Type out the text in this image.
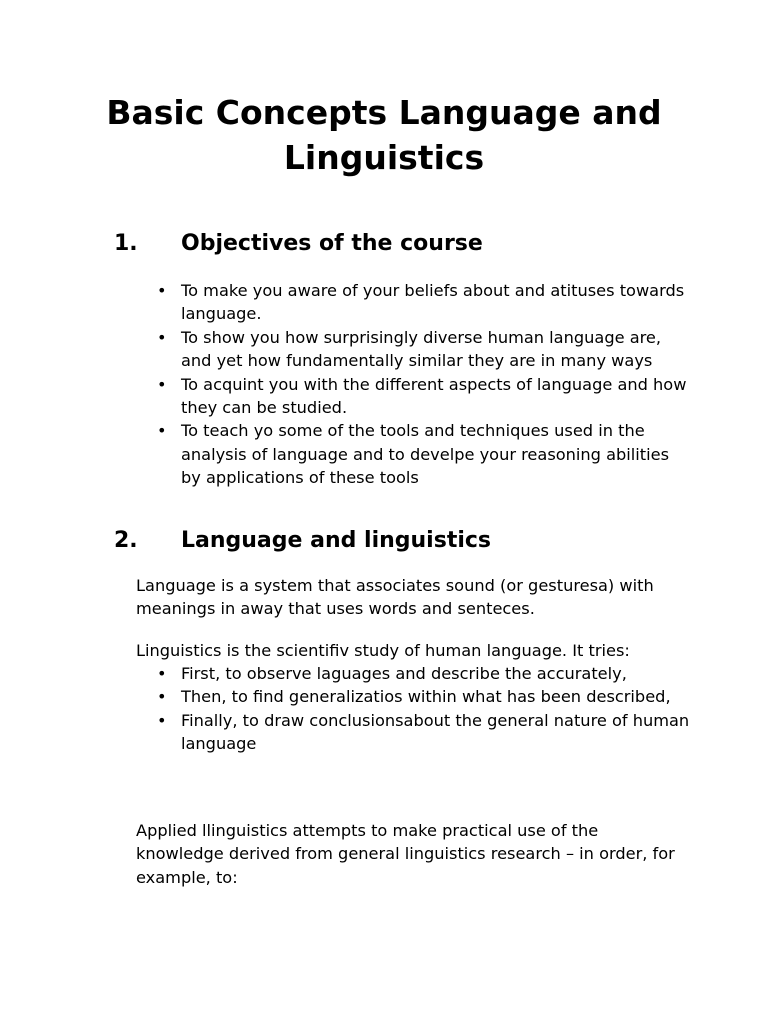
Basic Concepts Language and Linguistics
1. Objectives of the course
• To make you aware of your beliefs about and atituses towards language.
• To show you how surprisingly diverse human language are, and yet how fundamentally similar they are in many ways
• To acquint you with the different aspects of language and how they can be studied.
• To teach yo some of the tools and techniques used in the analysis of language and to develpe your reasoning abilities by applications of these tools
2. Language and linguistics

Language is a system that associates sound (or gesturesa) with meanings in away that uses words and senteces.

Linguistics is the scientifiv study of human language. It tries:

• First, to observe laguages and describe the accurately,
• Then, to find generalizatios within what has been described,
• Finally, to draw conclusionsabout the general nature of human language

Applied llinguistics attempts to make practical use of the knowledge derived from general linguistics research – in order, for example, to:
